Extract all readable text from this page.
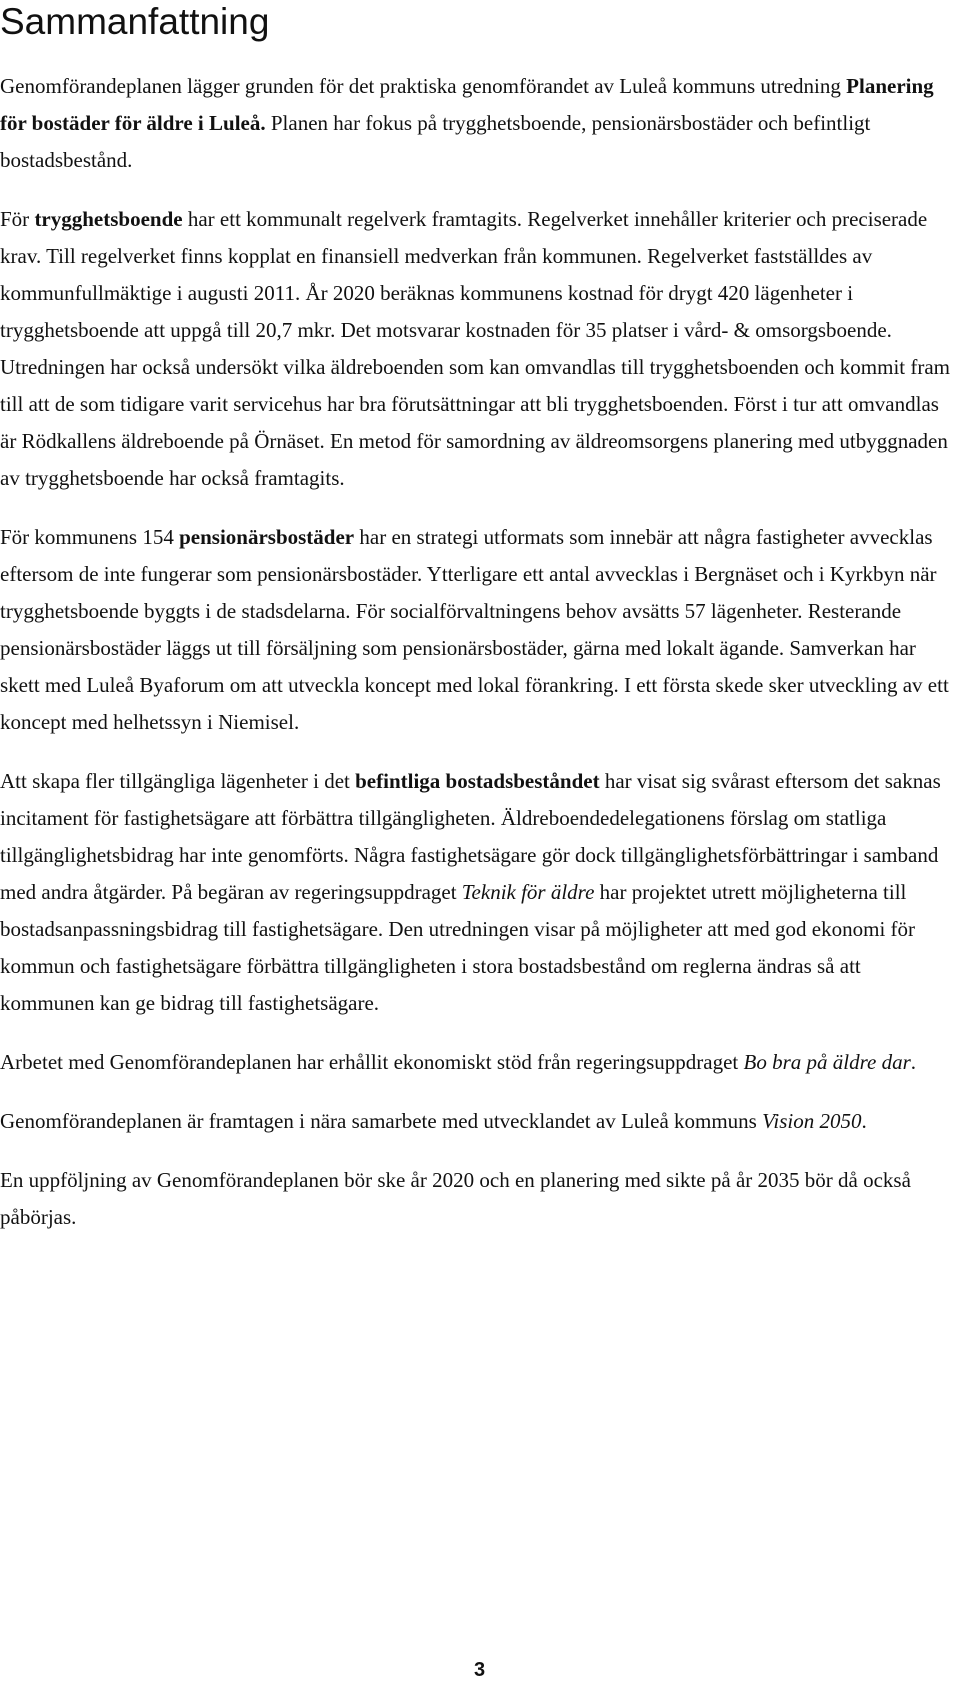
Sammanfattning

Genomförandeplanen lägger grunden för det praktiska genomförandet av Luleå kommuns utredning Planering för bostäder för äldre i Luleå. Planen har fokus på trygghetsboende, pensionärsbostäder och befintligt bostadsbestånd.

För trygghetsboende har ett kommunalt regelverk framtagits. Regelverket innehåller kriterier och preciserade krav. Till regelverket finns kopplat en finansiell medverkan från kommunen. Regelverket fastställdes av kommunfullmäktige i augusti 2011. År 2020 beräknas kommunens kostnad för drygt 420 lägenheter i trygghetsboende att uppgå till 20,7 mkr. Det motsvarar kostnaden för 35 platser i vård- & omsorgsboende. Utredningen har också undersökt vilka äldreboenden som kan omvandlas till trygghetsboenden och kommit fram till att de som tidigare varit servicehus har bra förutsättningar att bli trygghetsboenden. Först i tur att omvandlas är Rödkallens äldreboende på Örnäset. En metod för samordning av äldreomsorgens planering med utbyggnaden av trygghetsboende har också framtagits.

För kommunens 154 pensionärsbostäder har en strategi utformats som innebär att några fastigheter avvecklas eftersom de inte fungerar som pensionärsbostäder. Ytterligare ett antal avvecklas i Bergnäset och i Kyrkbyn när trygghetsboende byggts i de stadsdelarna. För socialförvaltningens behov avsätts 57 lägenheter. Resterande pensionärsbostäder läggs ut till försäljning som pensionärsbostäder, gärna med lokalt ägande. Samverkan har skett med Luleå Byaforum om att utveckla koncept med lokal förankring. I ett första skede sker utveckling av ett koncept med helhetssyn i Niemisel.

Att skapa fler tillgängliga lägenheter i det befintliga bostadsbeståndet har visat sig svårast eftersom det saknas incitament för fastighetsägare att förbättra tillgängligheten. Äldreboendedelegationens förslag om statliga tillgänglighetsbidrag har inte genomförts. Några fastighetsägare gör dock tillgänglighetsförbättringar i samband med andra åtgärder. På begäran av regeringsuppdraget Teknik för äldre har projektet utrett möjligheterna till bostadsanpassningsbidrag till fastighetsägare. Den utredningen visar på möjligheter att med god ekonomi för kommun och fastighetsägare förbättra tillgängligheten i stora bostadsbestånd om reglerna ändras så att kommunen kan ge bidrag till fastighetsägare.

Arbetet med Genomförandeplanen har erhållit ekonomiskt stöd från regeringsuppdraget Bo bra på äldre dar.

Genomförandeplanen är framtagen i nära samarbete med utvecklandet av Luleå kommuns Vision 2050.

En uppföljning av Genomförandeplanen bör ske år 2020 och en planering med sikte på år 2035 bör då också påbörjas.

3
